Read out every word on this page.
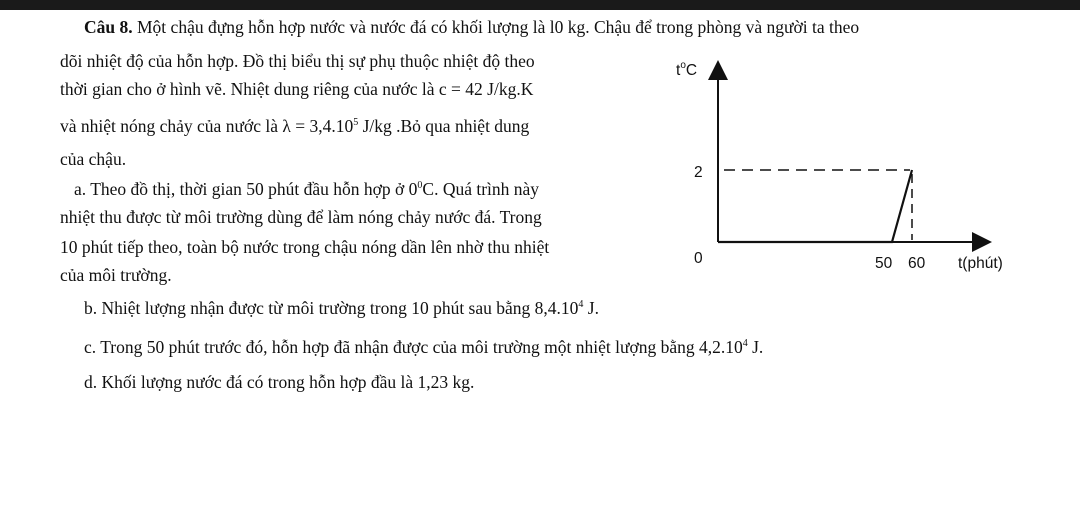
Câu 8. Một chậu đựng hỗn hợp nước và nước đá có khối lượng là l0 kg. Chậu để trong phòng và người ta theo
dõi nhiệt độ của hỗn hợp. Đồ thị biểu thị sự phụ thuộc nhiệt độ theo
thời gian cho ở hình vẽ. Nhiệt dung riêng của nước là c = 42 J/kg.K
và nhiệt nóng chảy của nước là $\lambda = 3,4.10^5$ J/kg .Bỏ qua nhiệt dung
của chậu.
a. Theo đồ thị, thời gian 50 phút đầu hỗn hợp ở $0^0C$. Quá trình này
nhiệt thu được từ môi trường dùng để làm nóng chảy nước đá. Trong
10 phút tiếp theo, toàn bộ nước trong chậu nóng dần lên nhờ thu nhiệt
của môi trường.
b. Nhiệt lượng nhận được từ môi trường trong 10 phút sau bằng 8,4.10$^4$ J.
c. Trong 50 phút trước đó, hỗn hợp đã nhận được của môi trường một nhiệt lượng bằng 4,2.10$^4$ J.
d. Khối lượng nước đá có trong hỗn hợp đầu là 1,23 kg.
$t^oC$
2
0	50 60 t(phút)
